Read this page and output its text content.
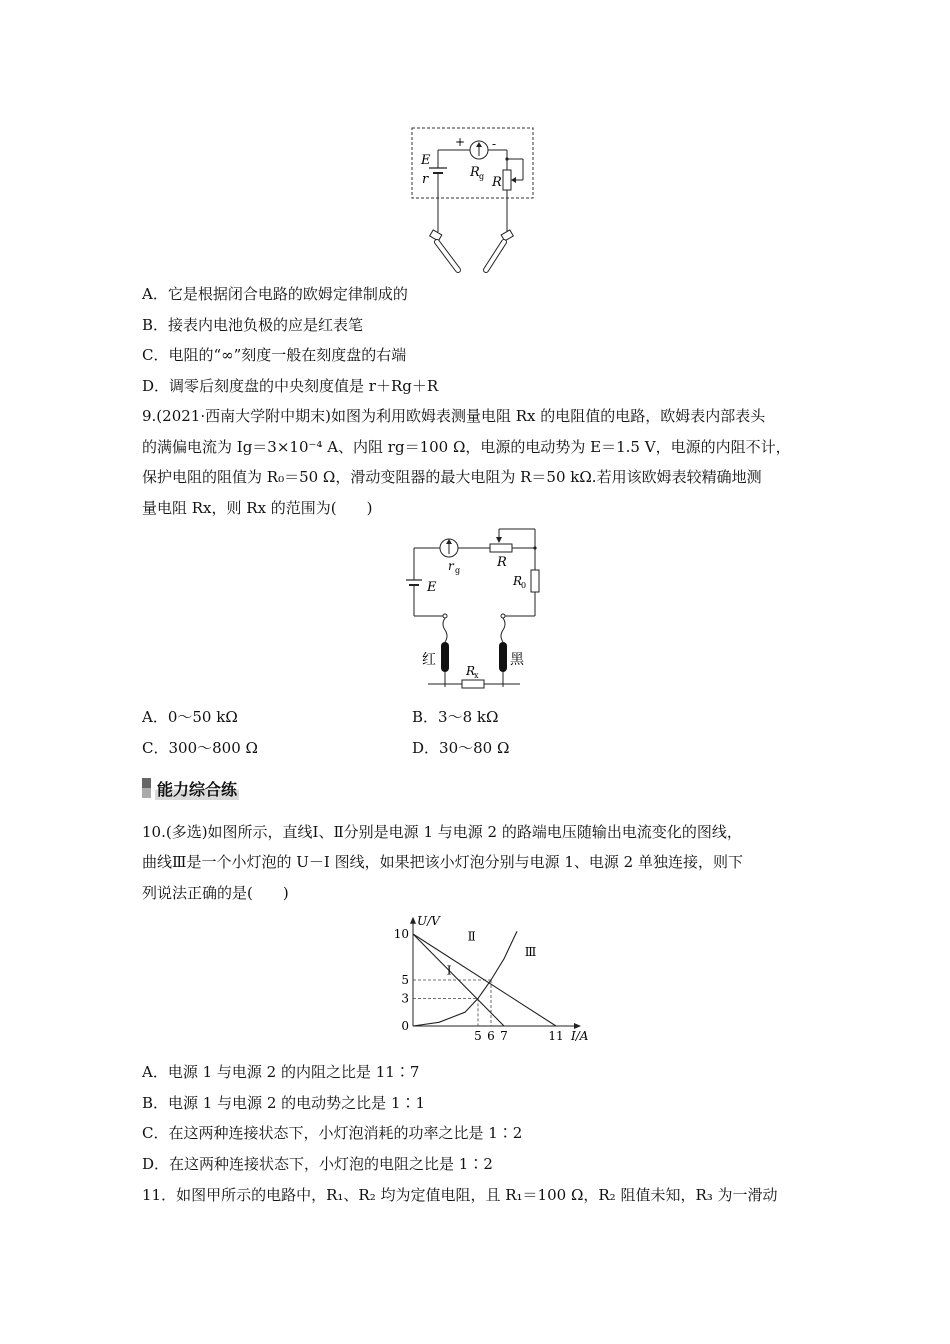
+ -
E
r	R g R
A．它是根据闭合电路的欧姆定律制成的
B．接表内电池负极的应是红表笔
C．电阻的“∞”刻度一般在刻度盘的右端
D．调零后刻度盘的中央刻度值是 r＋Rg＋R
9.(2021·西南大学附中期末)如图为利用欧姆表测量电阻 Rx 的电阻值的电路，欧姆表内部表头
的满偏电流为 Ig＝3×10⁻⁴ A、内阻 rg＝100 Ω，电源的电动势为 E＝1.5 V，电源的内阻不计，
保护电阻的阻值为 R₀＝50 Ω，滑动变阻器的最大电阻为 R＝50 kΩ.若用该欧姆表较精确地测
量电阻 Rx，则 Rx 的范围为(　　)
r g
R
R
0
E
红	黑
R
x
A．0～50 kΩ	B．3～8 kΩ
C．300～800 Ω	D．30～80 Ω
能力综合练
10.(多选)如图所示，直线Ⅰ、Ⅱ分别是电源 1 与电源 2 的路端电压随输出电流变化的图线，
曲线Ⅲ是一个小灯泡的 U－I 图线，如果把该小灯泡分别与电源 1、电源 2 单独连接，则下
列说法正确的是(　　)
U/V
I/A
10
5
3
0
5 6 7	11
Ⅰ
Ⅱ
Ⅲ
A．电源 1 与电源 2 的内阻之比是 11∶7
B．电源 1 与电源 2 的电动势之比是 1∶1
C．在这两种连接状态下，小灯泡消耗的功率之比是 1∶2
D．在这两种连接状态下，小灯泡的电阻之比是 1∶2
11．如图甲所示的电路中，R₁、R₂ 均为定值电阻，且 R₁＝100 Ω，R₂ 阻值未知，R₃ 为一滑动
